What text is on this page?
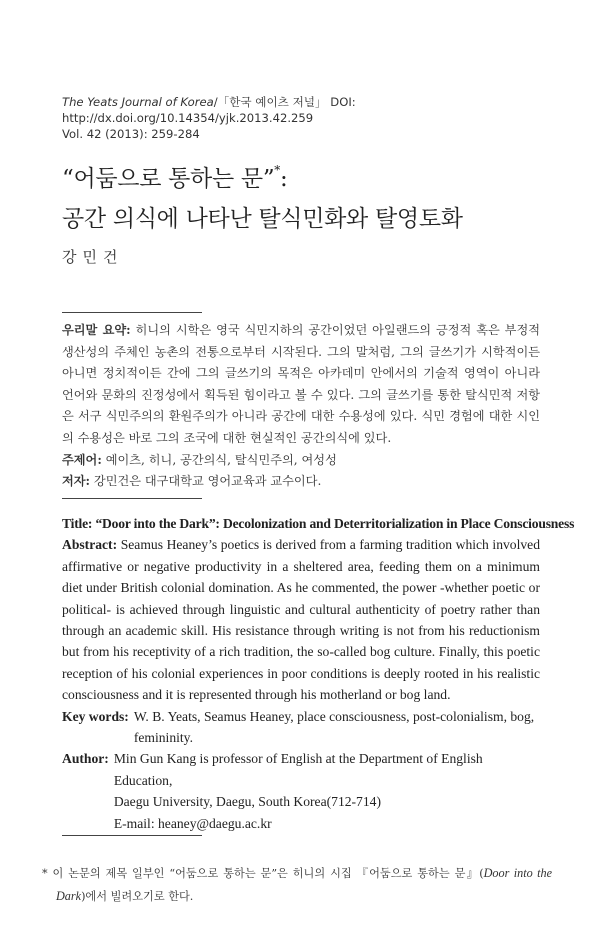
The Yeats Journal of Korea/「한국 예이츠 저널」 DOI: http://dx.doi.org/10.14354/yjk.2013.42.259
Vol. 42 (2013): 259-284
“어둠으로 통하는 문”*:
공간 의식에 나타난 탈식민화와 탈영토화
강민건

우리말 요약: 히니의 시학은 영국 식민지하의 공간이었던 아일랜드의 긍정적 혹은 부정적 생산성의 주체인 농촌의 전통으로부터 시작된다. 그의 말처럼, 그의 글쓰기가 시학적이든 아니면 정치적이든 간에 그의 글쓰기의 목적은 아카데미 안에서의 기술적 영역이 아니라 언어와 문화의 진정성에서 획득된 힘이라고 볼 수 있다. 그의 글쓰기를 통한 탈식민적 저항은 서구 식민주의의 환원주의가 아니라 공간에 대한 수용성에 있다. 식민 경험에 대한 시인의 수용성은 바로 그의 조국에 대한 현실적인 공간의식에 있다.

주제어: 예이츠, 히니, 공간의식, 탈식민주의, 여성성

저자: 강민건은 대구대학교 영어교육과 교수이다.

Title: “Door into the Dark”: Decolonization and Deterritorialization in Place Consciousness

Abstract: Seamus Heaney’s poetics is derived from a farming tradition which involved affirmative or negative productivity in a sheltered area, feeding them on a minimum diet under British colonial domination. As he commented, the power -whether poetic or political- is achieved through linguistic and cultural authenticity of poetry rather than through an academic skill. His resistance through writing is not from his reductionism but from his receptivity of a rich tradition, the so-called bog culture. Finally, this poetic reception of his colonial experiences in poor conditions is deeply rooted in his realistic consciousness and it is represented through his motherland or bog land.

Key words: W. B. Yeats, Seamus Heaney, place consciousness, post-colonialism, bog, femininity.
Author: Min Gun Kang is professor of English at the Department of English Education,
Daegu University, Daegu, South Korea(712-714)
E-mail: heaney@daegu.ac.kr
* 이 논문의 제목 일부인 “어둠으로 통하는 문”은 히니의 시집 『어둠으로 통하는 문』(Door into the Dark)에서 빌려오기로 한다.
